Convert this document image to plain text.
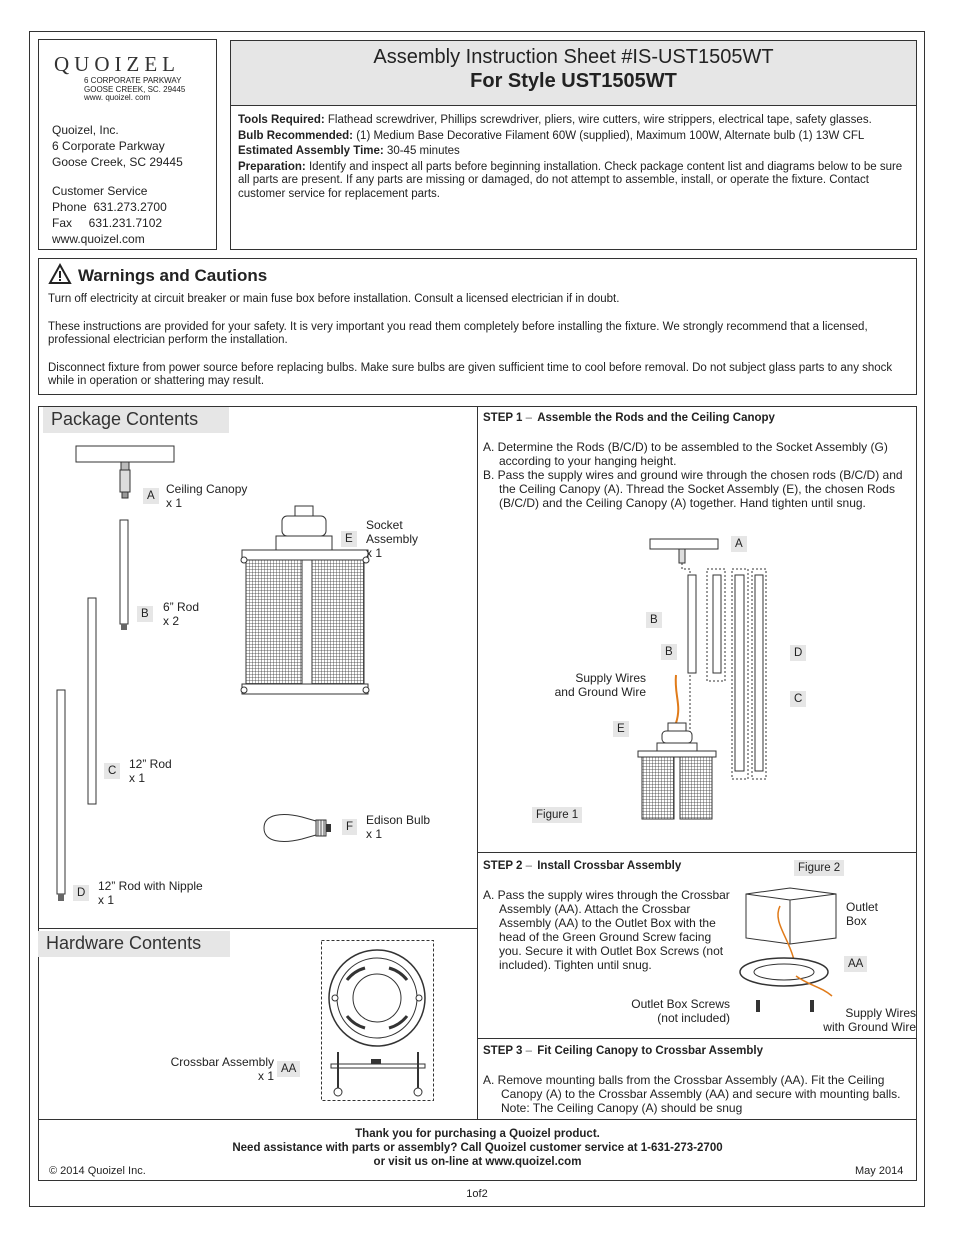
QUOIZEL
6 CORPORATE PARKWAY
GOOSE CREEK, SC. 29445
www. quoizel. com
Quoizel, Inc.
6 Corporate Parkway
Goose Creek, SC 29445
Customer Service
Phone  631.273.2700
Fax     631.231.7102
www.quoizel.com
Assembly Instruction Sheet #IS-UST1505WT
For Style UST1505WT

Tools Required: Flathead screwdriver, Phillips screwdriver, pliers, wire cutters, wire strippers, electrical tape, safety glasses.

Bulb Recommended: (1) Medium Base Decorative Filament 60W (supplied), Maximum 100W, Alternate bulb (1) 13W CFL

Estimated Assembly Time: 30-45 minutes

Preparation: Identify and inspect all parts before beginning installation. Check package content list and diagrams below to be sure all parts are present. If any parts are missing or damaged, do not attempt to assemble, install, or operate the fixture. Contact customer service for replacement parts.

Warnings and Cautions

Turn off electricity at circuit breaker or main fuse box before installation. Consult a licensed electrician if in doubt.

These instructions are provided for your safety. It is very important you read them completely before installing the fixture. We strongly recommend that a licensed, professional electrician perform the installation.

Disconnect fixture from power source before replacing bulbs. Make sure bulbs are given sufficient time to cool before removal. Do not subject glass parts to any shock while in operation or shattering may result.

Package Contents
A Ceiling Canopy
x 1
B	6” Rod
x 2
C	12” Rod
x 1
D	12” Rod with Nipple
x 1
E
Socket
Assembly
x 1
F	Edison Bulb
x 1
Hardware Contents
Crossbar Assembly
x 1 AA
STEP 1 – Assemble the Rods and the Ceiling Canopy

A. Determine the Rods (B/C/D) to be assembled to the Socket Assembly (G) according to your hanging height.

B. Pass the supply wires and ground wire through the chosen rods (B/C/D) and the Ceiling Canopy (A). Thread the Socket Assembly (E), the chosen Rods (B/C/D) and the Ceiling Canopy (A) together. Hand tighten until snug.

A
B
B	D
C
E
Supply Wires
and Ground Wire
Figure 1
STEP 2 – Install Crossbar Assembly	Figure 2

A. Pass the supply wires through the Crossbar Assembly (AA). Attach the Crossbar Assembly (AA) to the Outlet Box with the head of the Green Ground Screw facing you. Secure it with Outlet Box Screws (not included). Tighten until snug.

Outlet
Box
AA
Outlet Box Screws
(not included)	Supply Wires
with Ground Wire
STEP 3 – Fit Ceiling Canopy to Crossbar Assembly

A. Remove mounting balls from the Crossbar Assembly (AA). Fit the Ceiling Canopy (A) to the Crossbar Assembly (AA) and secure with mounting balls. Note: The Ceiling Canopy (A) should be snug

Thank you for purchasing a Quoizel product.
Need assistance with parts or assembly? Call Quoizel customer service at 1-631-273-2700
or visit us on-line at www.quoizel.com
© 2014 Quoizel Inc.	May 2014
1of2
